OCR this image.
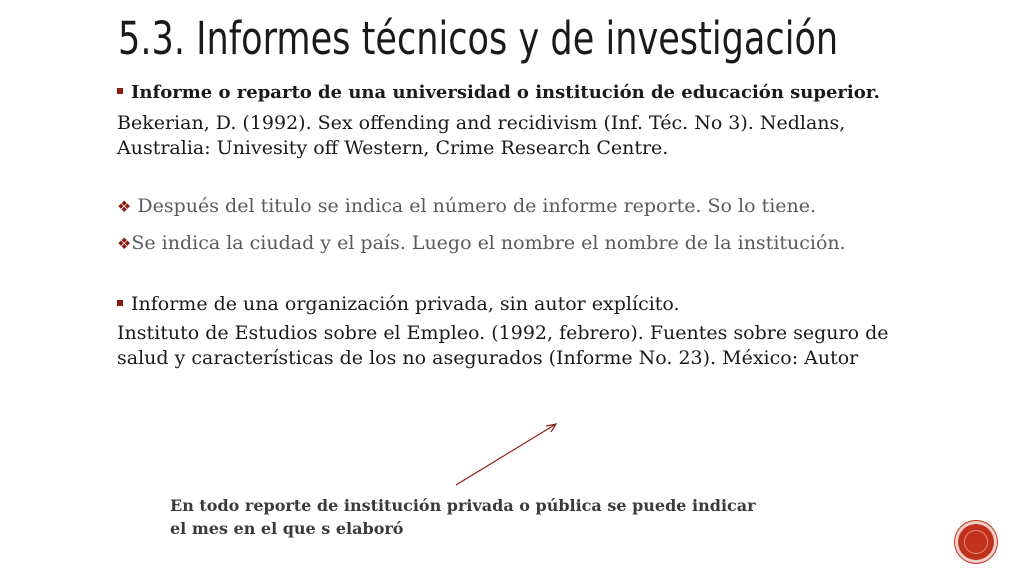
5.3. Informes técnicos y de investigación
Informe o reparto de una universidad o institución de educación superior.

Bekerian, D. (1992). Sex offending and recidivism (Inf. Téc. No 3). Nedlans, Australia: Univesity off Western, Crime Research Centre.

❖ Después del titulo se indica el número de informe reporte. So lo tiene.
❖Se indica la ciudad y el país. Luego el nombre el nombre de la institución.
Informe de una organización privada, sin autor explícito.

Instituto de Estudios sobre el Empleo. (1992, febrero). Fuentes sobre seguro de salud y características de los no asegurados (Informe No. 23). México: Autor

En todo reporte de institución privada o pública se puede indicar
el mes en el que s elaboró
